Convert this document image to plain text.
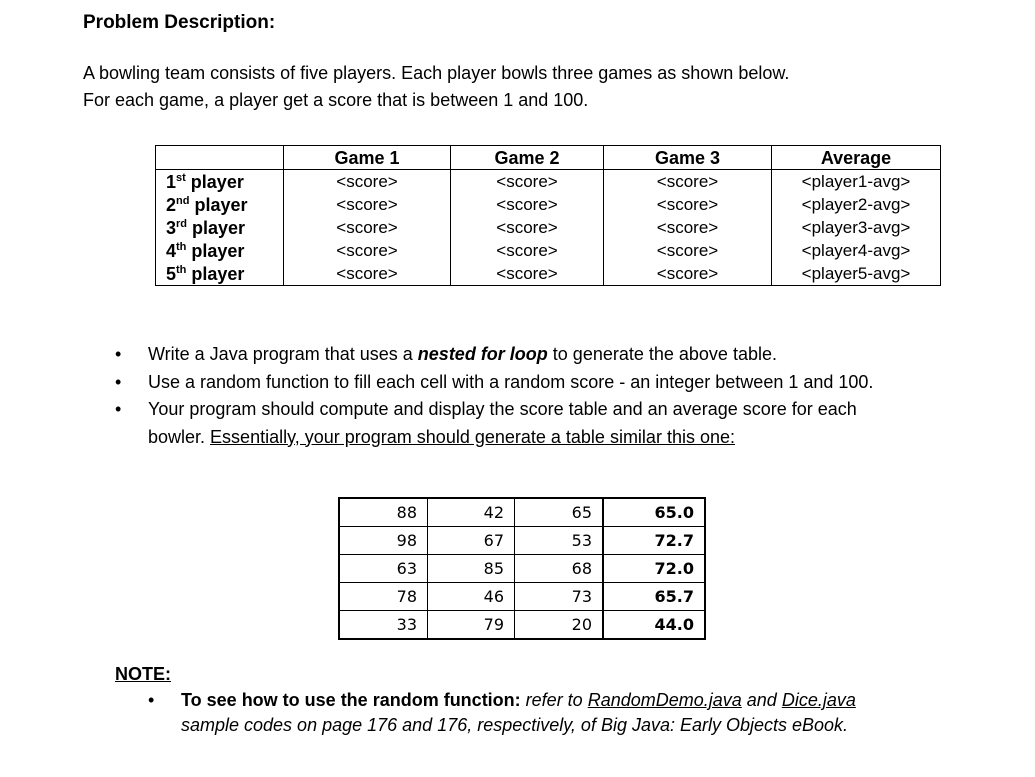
Problem Description:
A bowling team consists of five players. Each player bowls three games as shown below.
For each game, a player get a score that is between 1 and 100.
	Game 1	Game 2	Game 3	Average
1st player	<score>	<score>	<score>	<player1-avg>
2nd player	<score>	<score>	<score>	<player2-avg>
3rd player	<score>	<score>	<score>	<player3-avg>
4th player	<score>	<score>	<score>	<player4-avg>
5th player	<score>	<score>	<score>	<player5-avg>
• Write a Java program that uses a nested for loop to generate the above table.
• Use a random function to fill each cell with a random score - an integer between 1 and 100.
• Your program should compute and display the score table and an average score for each
bowler. Essentially, your program should generate a table similar this one:
88	42	65	65.0
98	67	53	72.7
63	85	68	72.0
78	46	73	65.7
33	79	20	44.0
NOTE:
• To see how to use the random function: refer to RandomDemo.java and Dice.java
sample codes on page 176 and 176, respectively, of Big Java: Early Objects eBook.
